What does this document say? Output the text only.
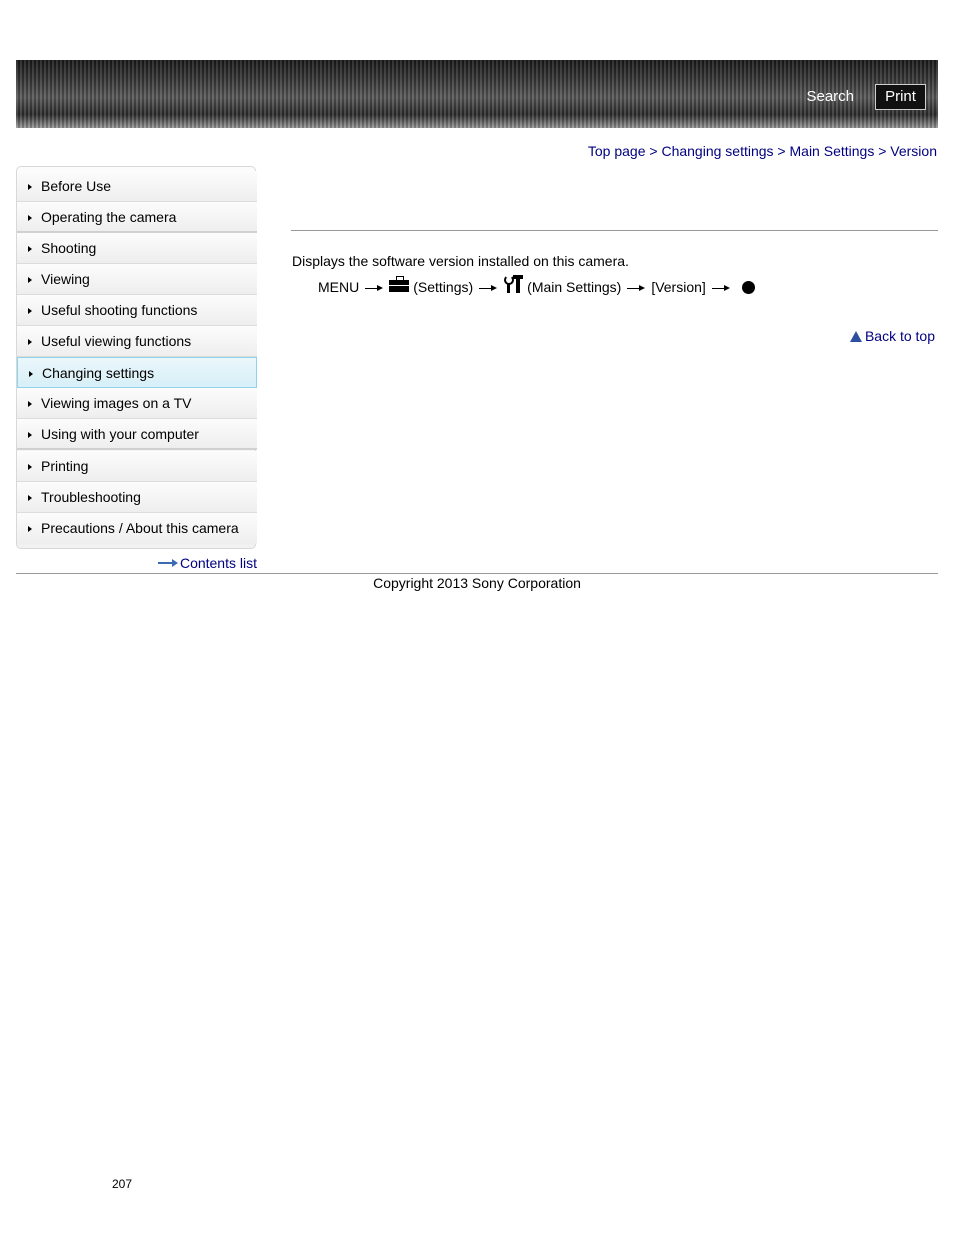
Search	Print
Top page > Changing settings > Main Settings > Version
Before Use
Operating the camera
Shooting
Viewing
Useful shooting functions
Useful viewing functions
Changing settings
Viewing images on a TV
Using with your computer
Printing
Troubleshooting
Precautions / About this camera
Contents list
Displays the software version installed on this camera.
MENU	(Settings)	(Main Settings) [Version]
Back to top
Copyright 2013 Sony Corporation
207
